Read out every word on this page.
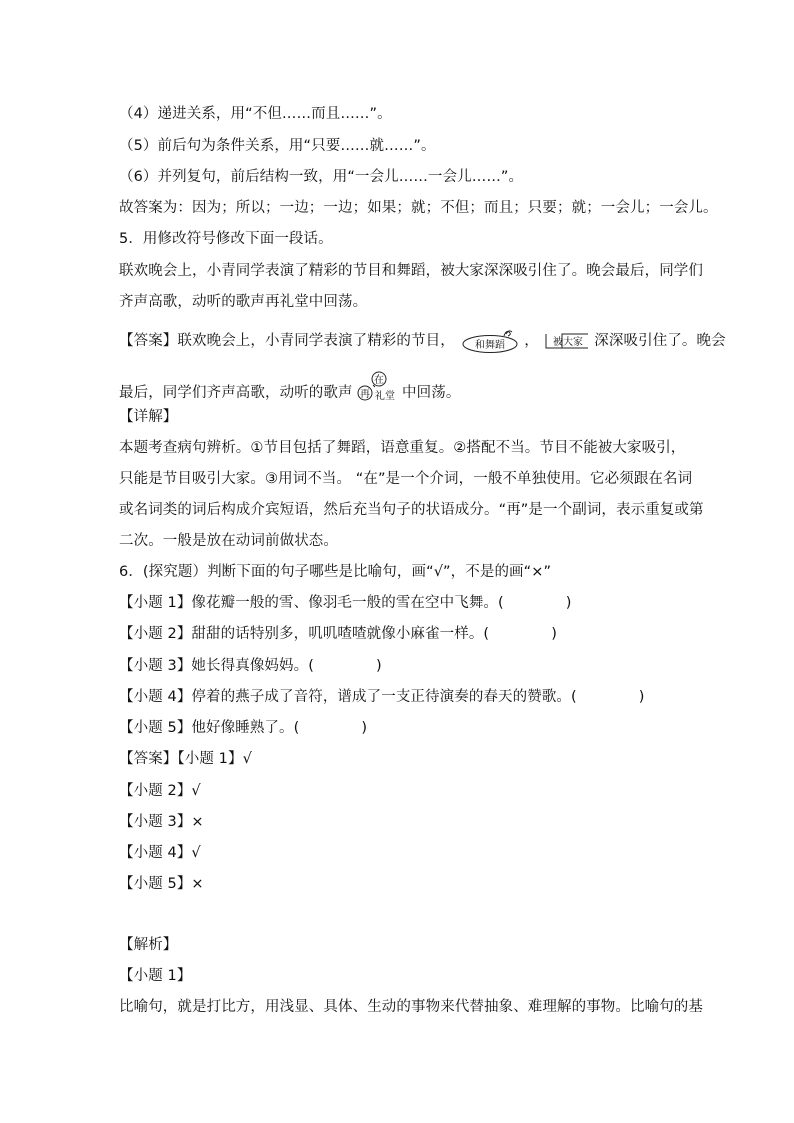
（4）递进关系，用“不但……而且……”。
（5）前后句为条件关系，用“只要……就……”。
（6）并列复句，前后结构一致，用“一会儿……一会儿……”。
故答案为：因为；所以；一边；一边；如果；就；不但；而且；只要；就；一会儿；一会儿。
5．用修改符号修改下面一段话。
联欢晚会上，小青同学表演了精彩的节目和舞蹈，被大家深深吸引住了。晚会最后，同学们
齐声高歌，动听的歌声再礼堂中回荡。
【答案】联欢晚会上，小青同学表演了精彩的节目， 和舞蹈 ， 被大家 深深吸引住了。晚会
最后，同学们齐声高歌，动听的歌声
在
再 礼堂 中回荡。
【详解】
本题考查病句辨析。①节目包括了舞蹈，语意重复。②搭配不当。节目不能被大家吸引，
只能是节目吸引大家。③用词不当。 “在”是一个介词，一般不单独使用。它必须跟在名词
或名词类的词后构成介宾短语，然后充当句子的状语成分。“再”是一个副词，表示重复或第
二次。一般是放在动词前做状态。
6．(探究题）判断下面的句子哪些是比喻句，画“√”，不是的画“×”
【小题 1】像花瓣一般的雪、像羽毛一般的雪在空中飞舞。(	)
【小题 2】甜甜的话特别多，叽叽喳喳就像小麻雀一样。(	)
【小题 3】她长得真像妈妈。(	)
【小题 4】停着的燕子成了音符，谱成了一支正待演奏的春天的赞歌。(	)
【小题 5】他好像睡熟了。(	)
【答案】【小题 1】√
【小题 2】√
【小题 3】×
【小题 4】√
【小题 5】×
【解析】
【小题 1】
比喻句，就是打比方，用浅显、具体、生动的事物来代替抽象、难理解的事物。比喻句的基
